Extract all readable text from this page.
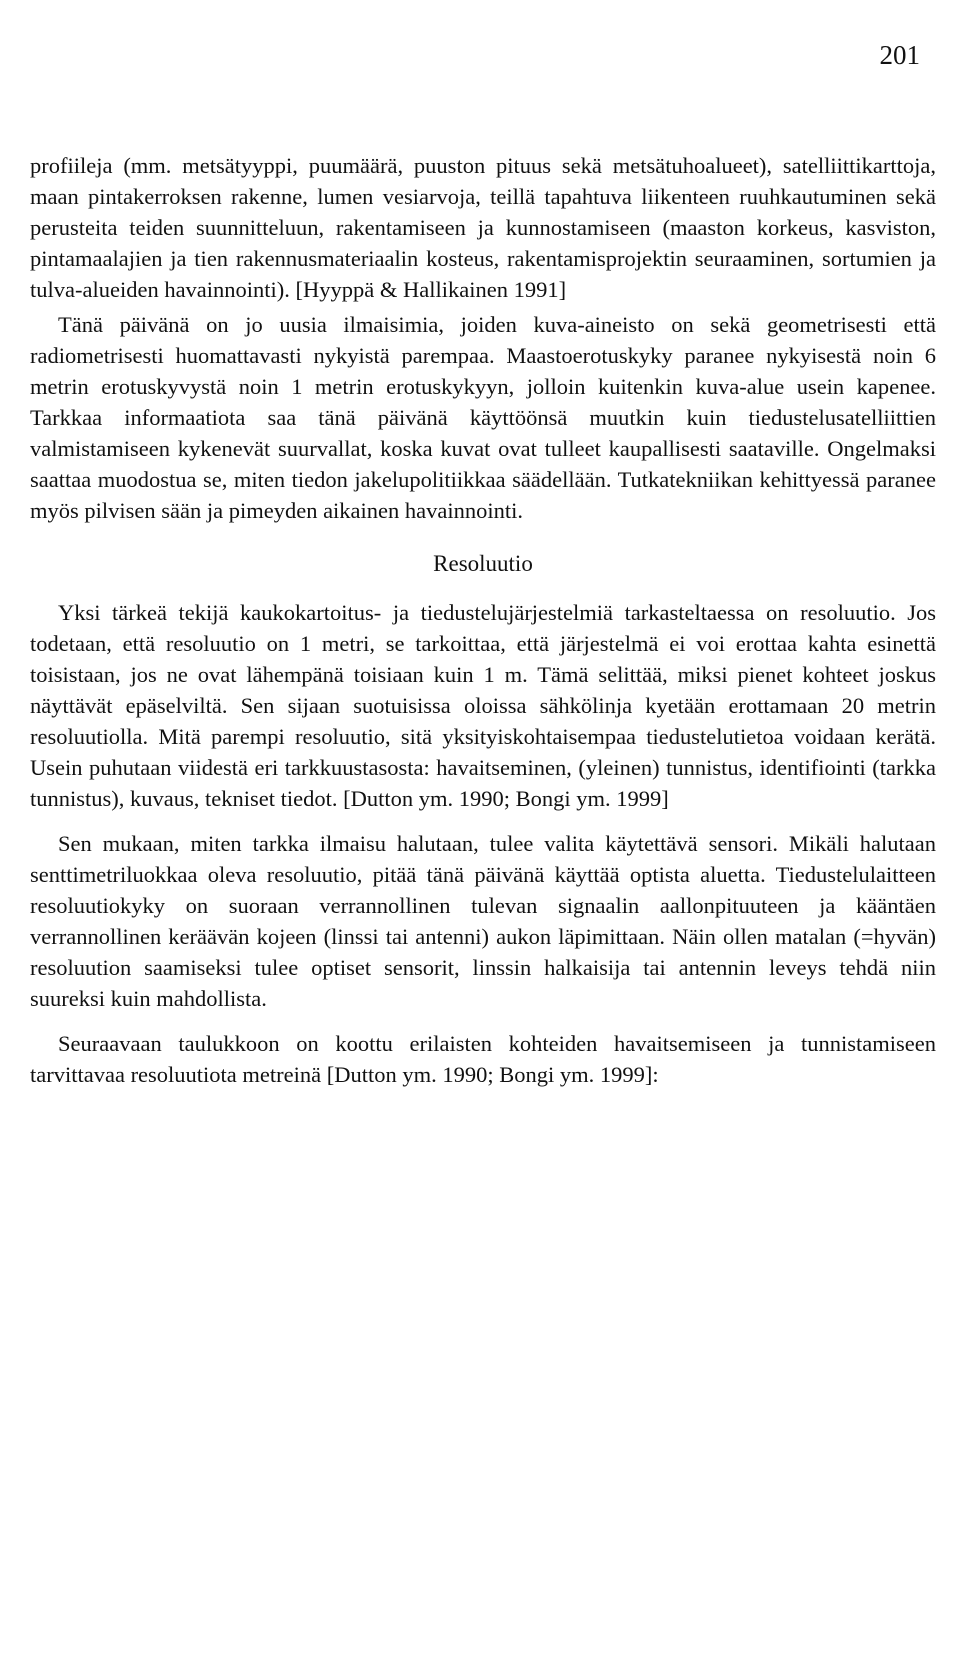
201

profiileja (mm. metsätyyppi, puumäärä, puuston pituus sekä metsätuhoalueet), satelliittikarttoja, maan pintakerroksen rakenne, lumen vesiarvoja, teillä tapahtuva liikenteen ruuhkautuminen sekä perusteita teiden suunnitteluun, rakentamiseen ja kunnostamiseen (maaston korkeus, kasviston, pintamaalajien ja tien rakennusmateriaalin kosteus, rakentamisprojektin seuraaminen, sortumien ja tulva-alueiden havainnointi). [Hyyppä & Hallikainen 1991]

Tänä päivänä on jo uusia ilmaisimia, joiden kuva-aineisto on sekä geometrisesti että radiometrisesti huomattavasti nykyistä parempaa. Maastoerotuskyky paranee nykyisestä noin 6 metrin erotuskyvystä noin 1 metrin erotuskykyyn, jolloin kuitenkin kuva-alue usein kapenee. Tarkkaa informaatiota saa tänä päivänä käyttöönsä muutkin kuin tiedustelusatelliittien valmistamiseen kykenevät suurvallat, koska kuvat ovat tulleet kaupallisesti saataville. Ongelmaksi saattaa muodostua se, miten tiedon jakelupolitiikkaa säädellään. Tutkatekniikan kehittyessä paranee myös pilvisen sään ja pimeyden aikainen havainnointi.

Resoluutio

Yksi tärkeä tekijä kaukokartoitus- ja tiedustelujärjestelmiä tarkasteltaessa on resoluutio. Jos todetaan, että resoluutio on 1 metri, se tarkoittaa, että järjestelmä ei voi erottaa kahta esinettä toisistaan, jos ne ovat lähempänä toisiaan kuin 1 m. Tämä selittää, miksi pienet kohteet joskus näyttävät epäselviltä. Sen sijaan suotuisissa oloissa sähkölinja kyetään erottamaan 20 metrin resoluutiolla. Mitä parempi resoluutio, sitä yksityiskohtaisempaa tiedustelutietoa voidaan kerätä. Usein puhutaan viidestä eri tarkkuustasosta: havaitseminen, (yleinen) tunnistus, identifiointi (tarkka tunnistus), kuvaus, tekniset tiedot. [Dutton ym. 1990; Bongi ym. 1999]

Sen mukaan, miten tarkka ilmaisu halutaan, tulee valita käytettävä sensori. Mikäli halutaan senttimetriluokkaa oleva resoluutio, pitää tänä päivänä käyttää optista aluetta. Tiedustelulaitteen resoluutiokyky on suoraan verrannollinen tulevan signaalin aallonpituuteen ja kääntäen verrannollinen keräävän kojeen (linssi tai antenni) aukon läpimittaan. Näin ollen matalan (=hyvän) resoluution saamiseksi tulee optiset sensorit, linssin halkaisija tai antennin leveys tehdä niin suureksi kuin mahdollista.

Seuraavaan taulukkoon on koottu erilaisten kohteiden havaitsemiseen ja tunnistamiseen tarvittavaa resoluutiota metreinä [Dutton ym. 1990; Bongi ym. 1999]:
